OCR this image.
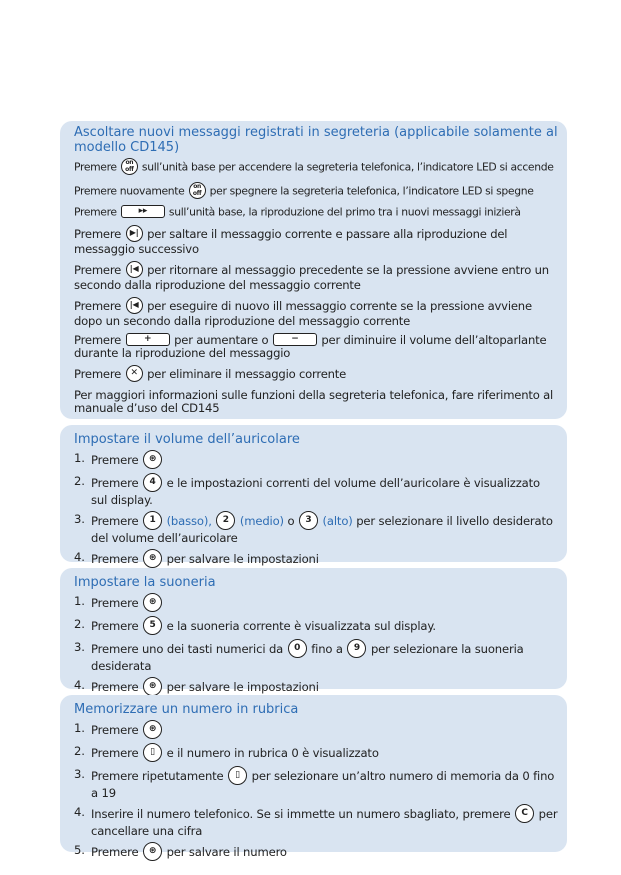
Ascoltare nuovi messaggi registrati in segreteria (applicabile solamente al modello CD145)
Premere on
off sull’unità base per accendere la segreteria telefonica, l’indicatore LED si accende
Premere nuovamente on
off per spegnere la segreteria telefonica, l’indicatore LED si spegne
Premere ▸▸ sull’unità base, la riproduzione del primo tra i nuovi messaggi inizierà
Premere ▶| per saltare il messaggio corrente e passare alla riproduzione del messaggio successivo
Premere |◀ per ritornare al messaggio precedente se la pressione avviene entro un secondo dalla riproduzione del messaggio corrente
Premere |◀ per eseguire di nuovo ill messaggio corrente se la pressione avviene dopo un secondo dalla riproduzione del messaggio corrente
Premere	+ per aumentare o	− per diminuire il volume dell’altoparlante durante la riproduzione del messaggio
Premere ✕ per eliminare il messaggio corrente
Per maggiori informazioni sulle funzioni della segreteria telefonica, fare riferimento al manuale d’uso del CD145
Impostare il volume dell’auricolare
1. Premere ⊛
2. Premere 4 e le impostazioni correnti del volume dell’auricolare è visualizzato sul display.
3. Premere 1 (basso), 2 (medio) o 3 (alto) per selezionare il livello desiderato del volume dell’auricolare
4. Premere ⊛ per salvare le impostazioni
Impostare la suoneria
1. Premere ⊛
2. Premere 5 e la suoneria corrente è visualizzata sul display.
3. Premere uno dei tasti numerici da 0 fino a 9 per selezionare la suoneria desiderata
4. Premere ⊛ per salvare le impostazioni
Memorizzare un numero in rubrica
1. Premere ⊛
2. Premere ▯ e il numero in rubrica 0 è visualizzato
3. Premere ripetutamente ▯ per selezionare un’altro numero di memoria da 0 fino a 19
4. Inserire il numero telefonico. Se si immette un numero sbagliato, premere C per cancellare una cifra
5. Premere ⊛ per salvare il numero
